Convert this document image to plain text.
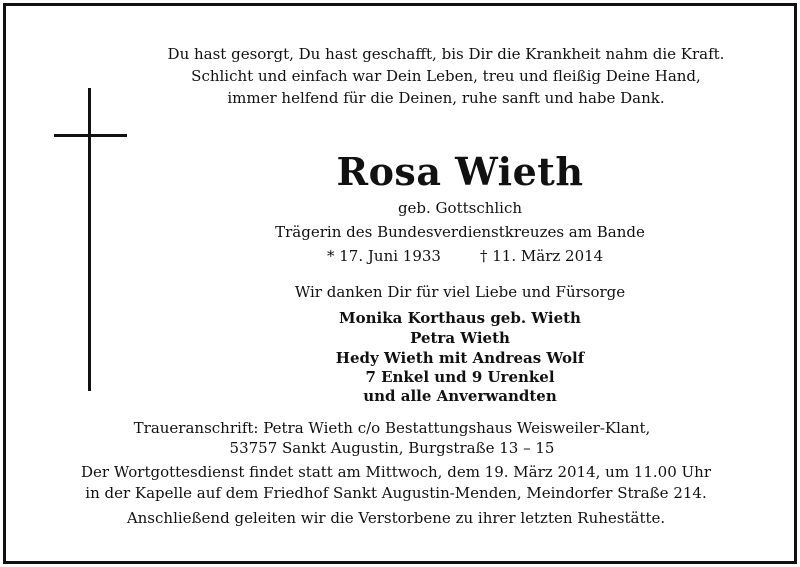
Du hast gesorgt, Du hast geschafft, bis Dir die Krankheit nahm die Kraft.
Schlicht und einfach war Dein Leben, treu und fleißig Deine Hand,
immer helfend für die Deinen, ruhe sanft und habe Dank.
Rosa Wieth
geb. Gottschlich
Trägerin des Bundesverdienstkreuzes am Bande
* 17. Juni 1933	† 11. März 2014
Wir danken Dir für viel Liebe und Fürsorge
Monika Korthaus geb. Wieth
Petra Wieth
Hedy Wieth mit Andreas Wolf
7 Enkel und 9 Urenkel
und alle Anverwandten
Traueranschrift: Petra Wieth c/o Bestattungshaus Weisweiler-Klant,
53757 Sankt Augustin, Burgstraße 13 – 15
Der Wortgottesdienst findet statt am Mittwoch, dem 19. März 2014, um 11.00 Uhr
in der Kapelle auf dem Friedhof Sankt Augustin-Menden, Meindorfer Straße 214.
Anschließend geleiten wir die Verstorbene zu ihrer letzten Ruhestätte.
